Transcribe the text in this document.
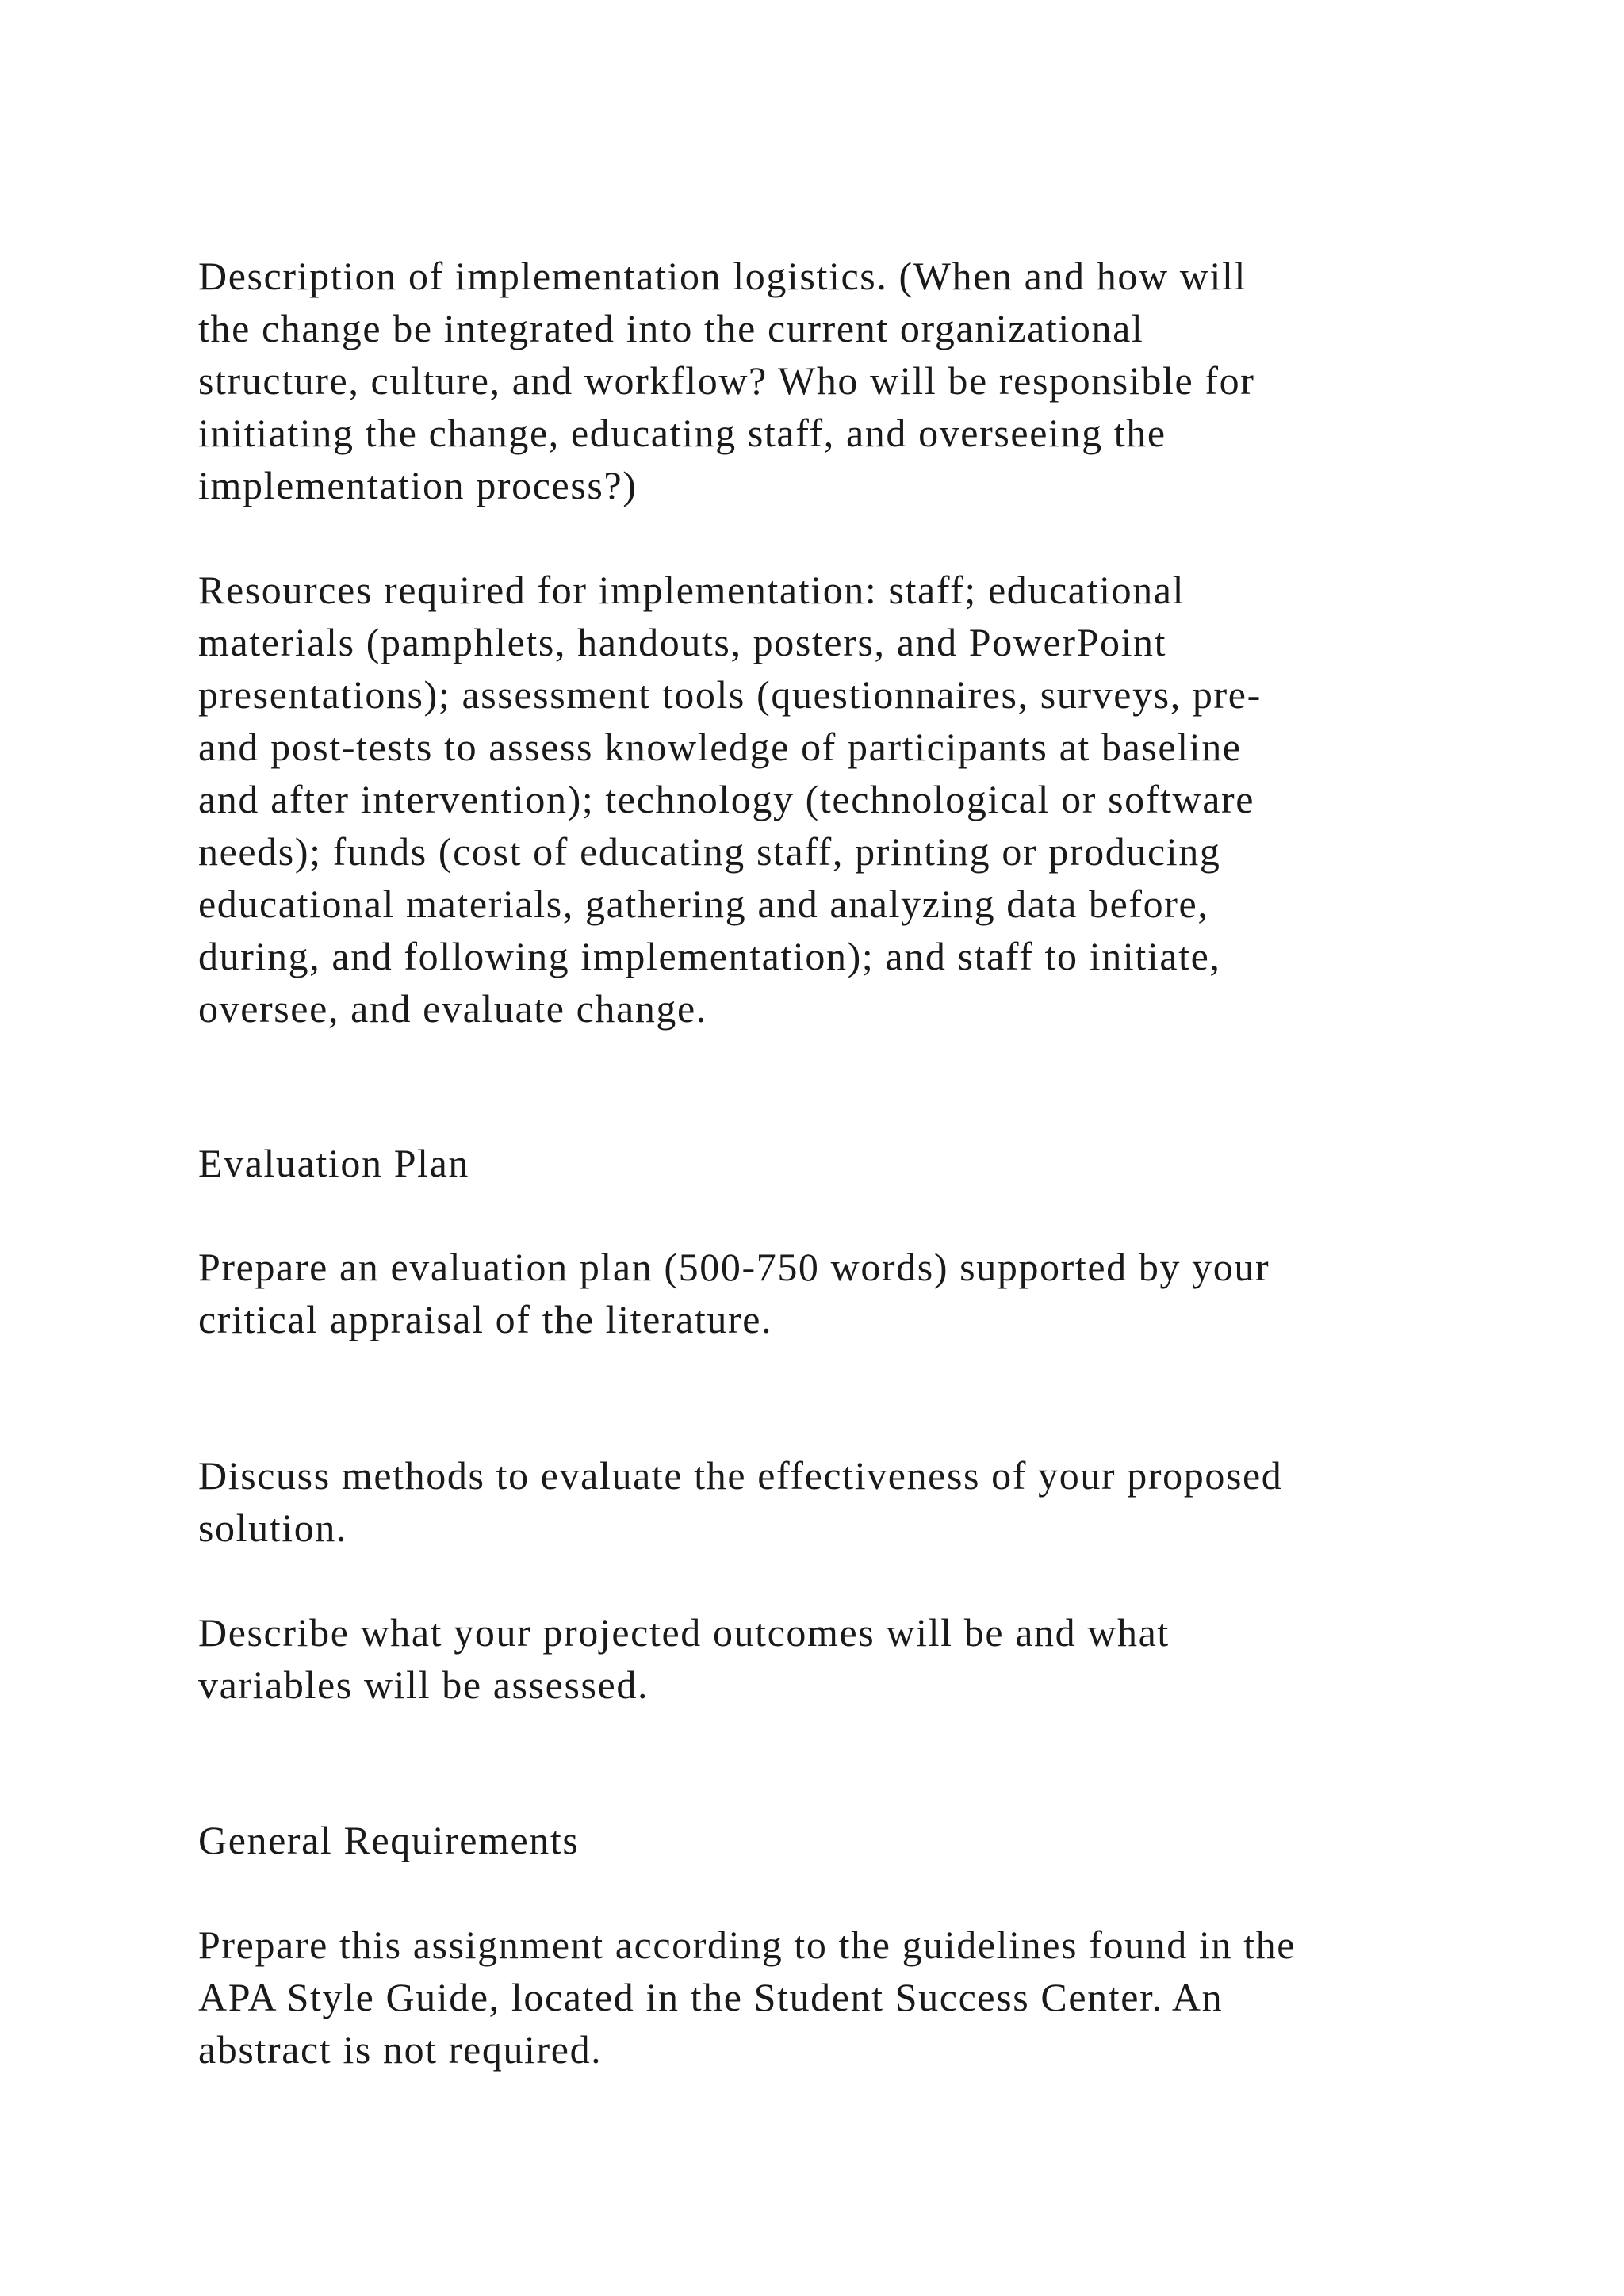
Description of implementation logistics. (When and how will
the change be integrated into the current organizational
structure, culture, and workflow? Who will be responsible for
initiating the change, educating staff, and overseeing the
implementation process?)
Resources required for implementation: staff; educational
materials (pamphlets, handouts, posters, and PowerPoint
presentations); assessment tools (questionnaires, surveys, pre-
and post-tests to assess knowledge of participants at baseline
and after intervention); technology (technological or software
needs); funds (cost of educating staff, printing or producing
educational materials, gathering and analyzing data before,
during, and following implementation); and staff to initiate,
oversee, and evaluate change.
Evaluation Plan
Prepare an evaluation plan (500-750 words) supported by your
critical appraisal of the literature.
Discuss methods to evaluate the effectiveness of your proposed
solution.
Describe what your projected outcomes will be and what
variables will be assessed.
General Requirements
Prepare this assignment according to the guidelines found in the
APA Style Guide, located in the Student Success Center. An
abstract is not required.
